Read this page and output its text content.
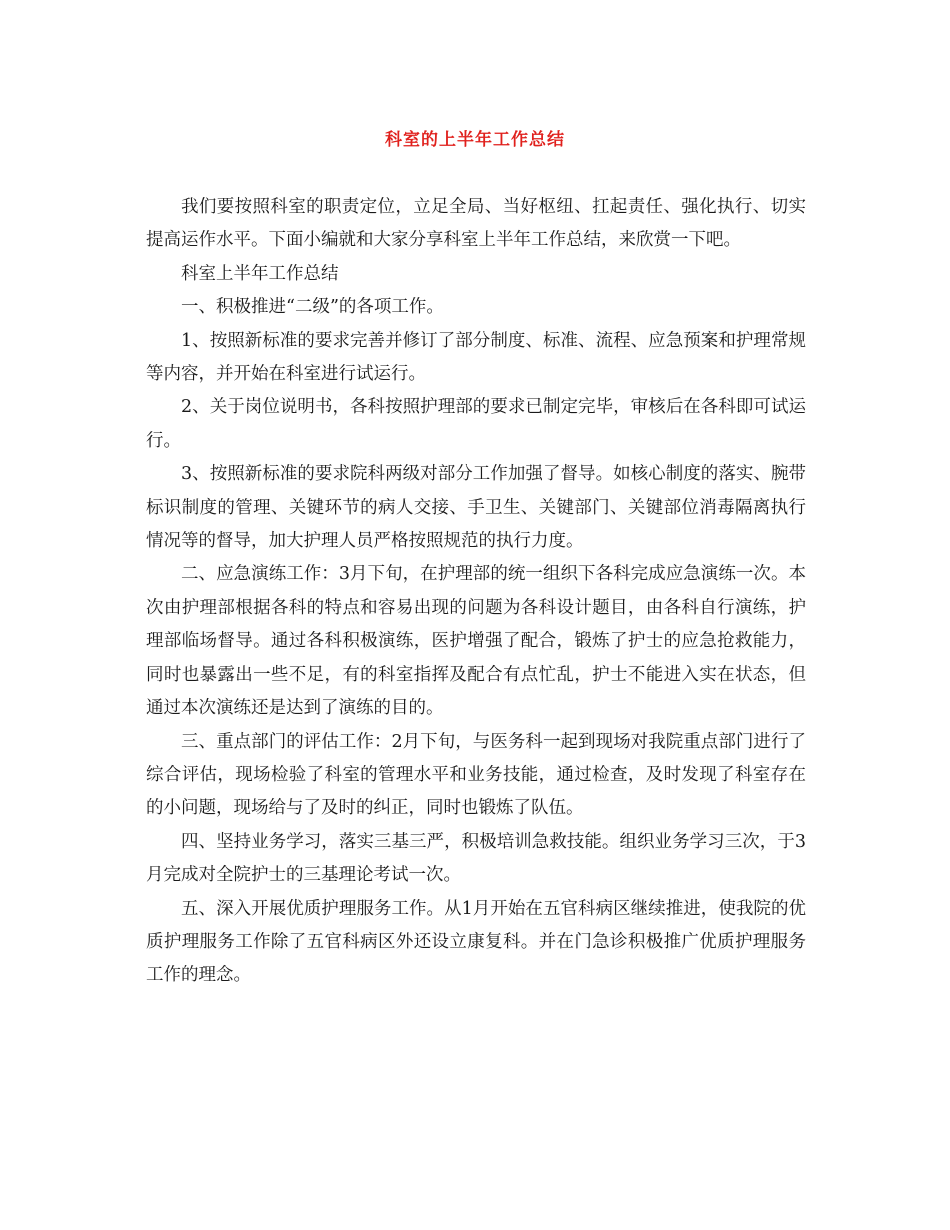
科室的上半年工作总结

我们要按照科室的职责定位，立足全局、当好枢纽、扛起责任、强化执行、切实提高运作水平。下面小编就和大家分享科室上半年工作总结，来欣赏一下吧。

科室上半年工作总结

一、积极推进“二级”的各项工作。

1、按照新标准的要求完善并修订了部分制度、标准、流程、应急预案和护理常规等内容，并开始在科室进行试运行。

2、关于岗位说明书，各科按照护理部的要求已制定完毕，审核后在各科即可试运行。

3、按照新标准的要求院科两级对部分工作加强了督导。如核心制度的落实、腕带标识制度的管理、关键环节的病人交接、手卫生、关键部门、关键部位消毒隔离执行情况等的督导，加大护理人员严格按照规范的执行力度。

二、应急演练工作：3月下旬，在护理部的统一组织下各科完成应急演练一次。本次由护理部根据各科的特点和容易出现的问题为各科设计题目，由各科自行演练，护理部临场督导。通过各科积极演练，医护增强了配合，锻炼了护士的应急抢救能力，同时也暴露出一些不足，有的科室指挥及配合有点忙乱，护士不能进入实在状态，但通过本次演练还是达到了演练的目的。

三、重点部门的评估工作：2月下旬，与医务科一起到现场对我院重点部门进行了综合评估，现场检验了科室的管理水平和业务技能，通过检查，及时发现了科室存在的小问题，现场给与了及时的纠正，同时也锻炼了队伍。

四、坚持业务学习，落实三基三严，积极培训急救技能。组织业务学习三次，于3月完成对全院护士的三基理论考试一次。

五、深入开展优质护理服务工作。从1月开始在五官科病区继续推进，使我院的优质护理服务工作除了五官科病区外还设立康复科。并在门急诊积极推广优质护理服务工作的理念。
